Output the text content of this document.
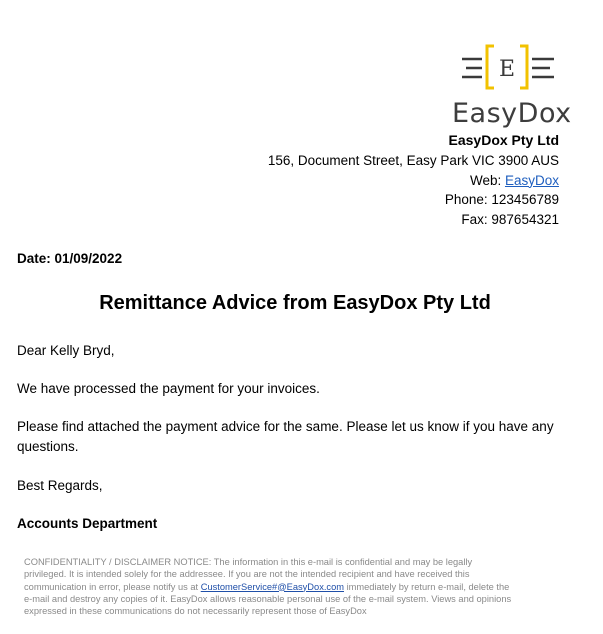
E
EasyDox
EasyDox Pty Ltd
156, Document Street, Easy Park VIC 3900 AUS
Web: EasyDox
Phone: 123456789
Fax: 987654321
Date: 01/09/2022
Remittance Advice from EasyDox Pty Ltd
Dear Kelly Bryd,
We have processed the payment for your invoices.
Please find attached the payment advice for the same. Please let us know if you have any questions.
Best Regards,
Accounts Department
CONFIDENTIALITY / DISCLAIMER NOTICE: The information in this e-mail is confidential and may be legally privileged. It is intended solely for the addressee. If you are not the intended recipient and have received this communication in error, please notify us at CustomerService#@EasyDox.com immediately by return e-mail, delete the e-mail and destroy any copies of it. EasyDox allows reasonable personal use of the e-mail system. Views and opinions expressed in these communications do not necessarily represent those of EasyDox
